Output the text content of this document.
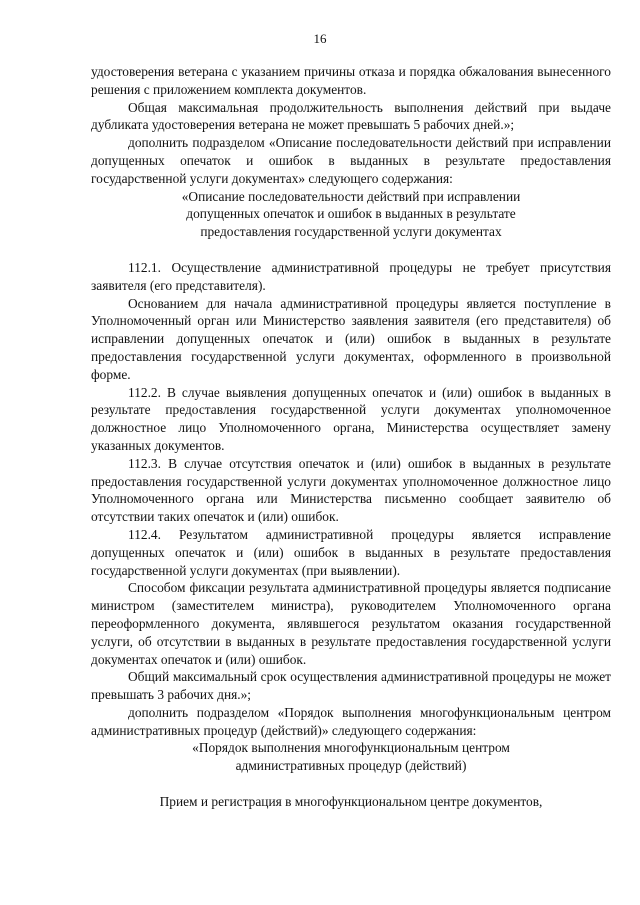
16

удостоверения ветерана с указанием причины отказа и порядка обжалования вынесенного решения с приложением комплекта документов.

Общая максимальная продолжительность выполнения действий при выдаче дубликата удостоверения ветерана не может превышать 5 рабочих дней.»;

дополнить подразделом «Описание последовательности действий при исправлении допущенных опечаток и ошибок в выданных в результате предоставления государственной услуги документах» следующего содержания:

«Описание последовательности действий при исправлении

допущенных опечаток и ошибок в выданных в результате

предоставления государственной услуги документах

112.1. Осуществление административной процедуры не требует присутствия заявителя (его представителя).

Основанием для начала административной процедуры является поступление в Уполномоченный орган или Министерство заявления заявителя (его представителя) об исправлении допущенных опечаток и (или) ошибок в выданных в результате предоставления государственной услуги документах, оформленного в произвольной форме.

112.2. В случае выявления допущенных опечаток и (или) ошибок в выданных в результате предоставления государственной услуги документах уполномоченное должностное лицо Уполномоченного органа, Министерства осуществляет замену указанных документов.

112.3. В случае отсутствия опечаток и (или) ошибок в выданных в результате предоставления государственной услуги документах уполномоченное должностное лицо Уполномоченного органа или Министерства письменно сообщает заявителю об отсутствии таких опечаток и (или) ошибок.

112.4. Результатом административной процедуры является исправление допущенных опечаток и (или) ошибок в выданных в результате предоставления государственной услуги документах (при выявлении).

Способом фиксации результата административной процедуры является подписание министром (заместителем министра), руководителем Уполномоченного органа переоформленного документа, являвшегося результатом оказания государственной услуги, об отсутствии в выданных в результате предоставления государственной услуги документах опечаток и (или) ошибок.

Общий максимальный срок осуществления административной процедуры не может превышать 3 рабочих дня.»;

дополнить подразделом «Порядок выполнения многофункциональным центром административных процедур (действий)» следующего содержания:

«Порядок выполнения многофункциональным центром

административных процедур (действий)

Прием и регистрация в многофункциональном центре документов,
